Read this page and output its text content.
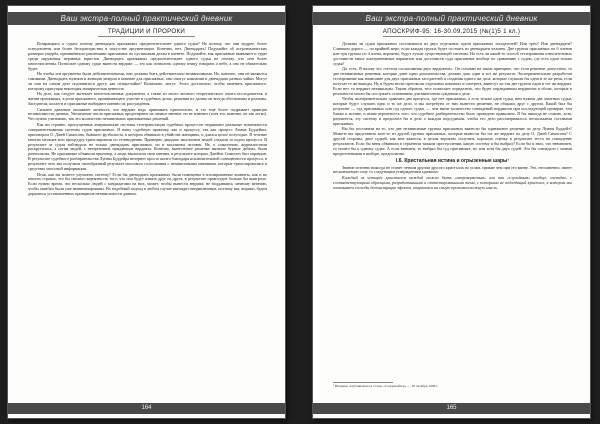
Ваш экстра-полный практический дневник
ТРАДИЦИИ И ПРОРОКИ

Возвращаясь к судам: почему двенадцать присяжных предпочтительнее одного судьи? Не потому, что они мудрее, более осведомлены или более беспристрастны в искусстве аргументации. Конечно, нет. Двенадцать! Подумайте об астрономических размерах ущерба, причинённого решениями присяжных по пустяковым делам в клевете. Подумайте, как присяжные выявляют и судят среди окружения неравных юристов. Двенадцать присяжных предпочтительнее одного судьи не потому, что они более многочисленны. Позвольте одному судье вынести вердикт — это как позволить одному птицу говорить о небе, а оно не обязательно будет.

Но чтобы эти аргументы были действительными, они должны быть действительно независимыми. Но, конечно, они не являются таковыми. Двенадцать мужчин и женщин заперли в комнате для присяжных, они смогут компании и двенадцать разных чайки. Могут ли они на самом деле подчиниться другу, как птицы-чайке? Возможно, могут. Этого достаточно, чтобы заменить присяжного, которому присущая некоторая эмпирическая ценность.

На деле, как следует вытекает многочисленных документы, а также из моего личного теоретического опыта исследователя, в жизни присяжных, в роли присяжного, принимающего участие в судебных делах, решения их далеко не всегда обоснованы и реальны. Заседатели, коллеги и присяжные выбирают именно их рассуждения.

Сильнее давление оказывает личность, что вердикт надо принимать единогласно, и это ещё более подрывает принцип независимости данных. Увеличение числа присяжных предотвратит их личное мнение, но не изменит (хотя это, конечно, не так легко). Что нужно учитывать, так это количество независимых принимаемых решений.

Как ни странно, пропущенные американские системы телетрансляции судебных процессов открывают реальные возможности совершенствования системы судов присяжных. Я нашу судебную практику, как и процессу, так как процесс Лемма Буддейша, приговором О. Джей Симпсона, бывшего футболиста, в котором обвиняли в убийстве женщины, и длился целое полугодие. В течение многих месяцев всю процедуру транслировали по телевидению. Примерно двадцать миллионов людей следили за ходом процесса. В результате за судом наблюдала не только двенадцать присяжных, но и миллионы человек. Не, к сожалению, журналистами раскрутилась, а сотни людей, с нетерпением ожидающие вердикта. Конечно, вынесенное решение вызвало бурные дебаты, были разногласия. Не присяжные объявили приговор, а люди высказали свои мнения, в результате которых Джеймс Симпсон был оправдан. В результате судебного разбирательства Лунны Буддейра интернет просто кипел благодаря исключительной освещённости процесса, в результате чего мы получили своеобразный результат массового голосования с независимыми мнениями, которые транслировались в средствах массовой информации.

Итак, как вы можете улучшить систему? Если бы двенадцать присяжных были помещены в изолированные комнаты, как и во многих странах, это бы снизило вероятность того, что они будут влиять друг на друга, в результате правосудие больше бы выиграло. Если нужно время, что несколько людей с кандидатами на них, может, чтобы вынести вердикт, не поддавшись личному мнению, чтобы ошибки были уже минимизированы. Но подобный подход в любом случае выглядит непрактичным, поэтому мы, видимо, будем держаться установленных принципов независимости данных.

164
Ваш экстра-полный практический дневник
АПОСКРИФ-95: 16-30.09.2015 (№(1)5 1 кл.)

Должны ли судьи присяжных составляться из двух отдельных групп присяжных заседателей? Или трёх? Или двенадцати? Слишком дорого — по крайней мере, если каждая группа будет состоять из двенадцати человек. Две группы присяжных по 6 членов или три группы по 4 члена, вероятно, будут лучше существующей системы. Но есть ли какой-то способ тестирования относительных достоинств таких альтернативных вариантов или достоинств суда присяжных вообще по сравнению с судом, где есть один только судья?

Да, есть. Я назову это «тестом согласования двух вердиктов». Он основан на таком принципе, что если решение допустимо, то два независимых решения, которые дают одни доказательства, должно дать один и тот же результат. Экспериментально разработан тестирование как написание для двух присяжных заседателей и создания одного же дела, которые слушали бы одни и те же речи, если получат те же выводы. Ну и будем вести протоколы отдельных комнатах и смотреть, вынесут ли эти две группы один и тот же вердикт. Если нет, то вердикт независимы. Таким образом, тест позволяет определить, что будет оправданным вердиктом в обоих, которые в реальности могли бы послужить основанием для вынесения суждения о деле.

Чтобы экспериментально сравнить два процесса, где нет присяжных, а есть только один судья, нам нужны два опытных судьи, которые будут слушать одно и то же дело, и мы потребуем от них вынести решение, не общаясь друг с другом. Какой был бы результат — суд присяжных или суд одного судьи, — чем выше количество совпадений вердиктов при последующей проверке, тем ближе к истине, и выше вероятность того, что судебное разбирательство было проведено правильно. Я бы никогда не ставлю, хотя, разумеется, эту систему и предпочёл бы в деле о каждом подсудимом, чтобы его дело рассматривалось несколькими составами присяжных.

Вы бы поставили на то, что две независимые группы присяжных вынесли бы одинаковое решение по делу Луины Буддейт? Можете вы представить кого-то из другой группы присяжных, которые вынесли бы тот же вердикт по делу О. Джей Симпсона? С другой стороны, двое судьей, как мне кажется, в целом вероятно получить хорошую оценку в результате теста на совпадение результатов. Если бы меня обвинили в серьёзном тяжком преступлении, какую систему я бы выбрал? Если бы я знал, что невиновен, то пошёл бы к одному судье. А если виновен, то выбрал бы суд присяжных, ну или хотя бы двух судей. Это бы совпадало с моими предпочтениями в выборе, предполагаю.

I.6. Кристальная истина и огрызенные шары¹

Знание истинно никогда не станет четким другим другого кристалла по углам, прикие чем при его ванну. Это, несомненно, имеет нескончаемую силу со следующим утверждением прежних:

Каждый из четырёх кристаллов каждой можно быть «непроверяемым» или как «случайным» вообще, очевидно, с соответствующими образцами, разработанными и оттестированными теми, с которыми не подходящий кристалл, в котором мы показываем способы демонстрации эфекта, опираются на самую противоположную мысль.

¹ Впервые опубликовано в статье «Соцдонейтер» — 18 октября 1998 г.
165
